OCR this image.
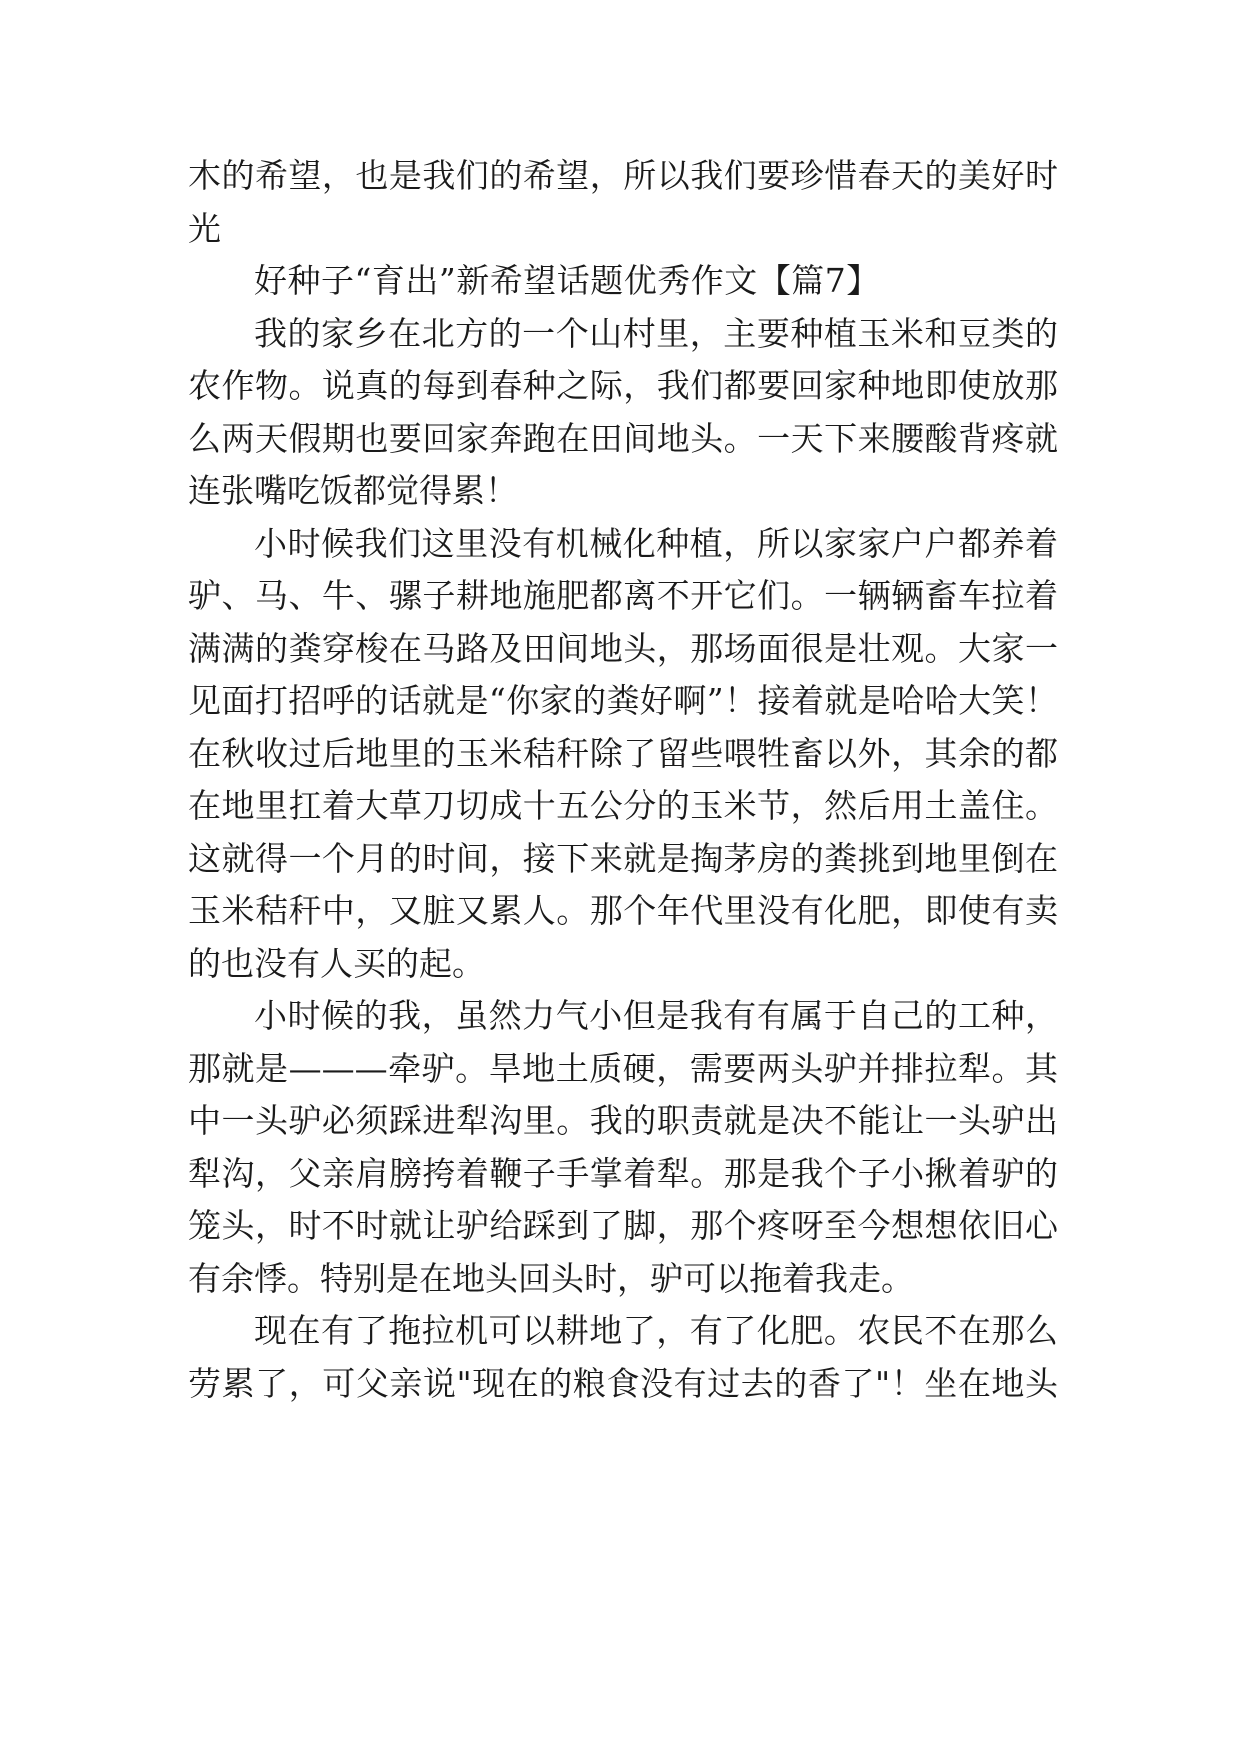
木的希望，也是我们的希望，所以我们要珍惜春天的美好时
光
好种子“育出”新希望话题优秀作文【篇7】
我的家乡在北方的一个山村里，主要种植玉米和豆类的
农作物。说真的每到春种之际，我们都要回家种地即使放那
么两天假期也要回家奔跑在田间地头。一天下来腰酸背疼就
连张嘴吃饭都觉得累！
小时候我们这里没有机械化种植，所以家家户户都养着
驴、马、牛、骡子耕地施肥都离不开它们。一辆辆畜车拉着
满满的粪穿梭在马路及田间地头，那场面很是壮观。大家一
见面打招呼的话就是“你家的粪好啊”！接着就是哈哈大笑！
在秋收过后地里的玉米秸秆除了留些喂牲畜以外，其余的都
在地里扛着大草刀切成十五公分的玉米节，然后用土盖住。
这就得一个月的时间，接下来就是掏茅房的粪挑到地里倒在
玉米秸秆中，又脏又累人。那个年代里没有化肥，即使有卖
的也没有人买的起。
小时候的我，虽然力气小但是我有有属于自己的工种，
那就是———牵驴。旱地土质硬，需要两头驴并排拉犁。其
中一头驴必须踩进犁沟里。我的职责就是决不能让一头驴出
犁沟，父亲肩膀挎着鞭子手掌着犁。那是我个子小揪着驴的
笼头，时不时就让驴给踩到了脚，那个疼呀至今想想依旧心
有余悸。特别是在地头回头时，驴可以拖着我走。
现在有了拖拉机可以耕地了，有了化肥。农民不在那么
劳累了，可父亲说"现在的粮食没有过去的香了"！坐在地头
